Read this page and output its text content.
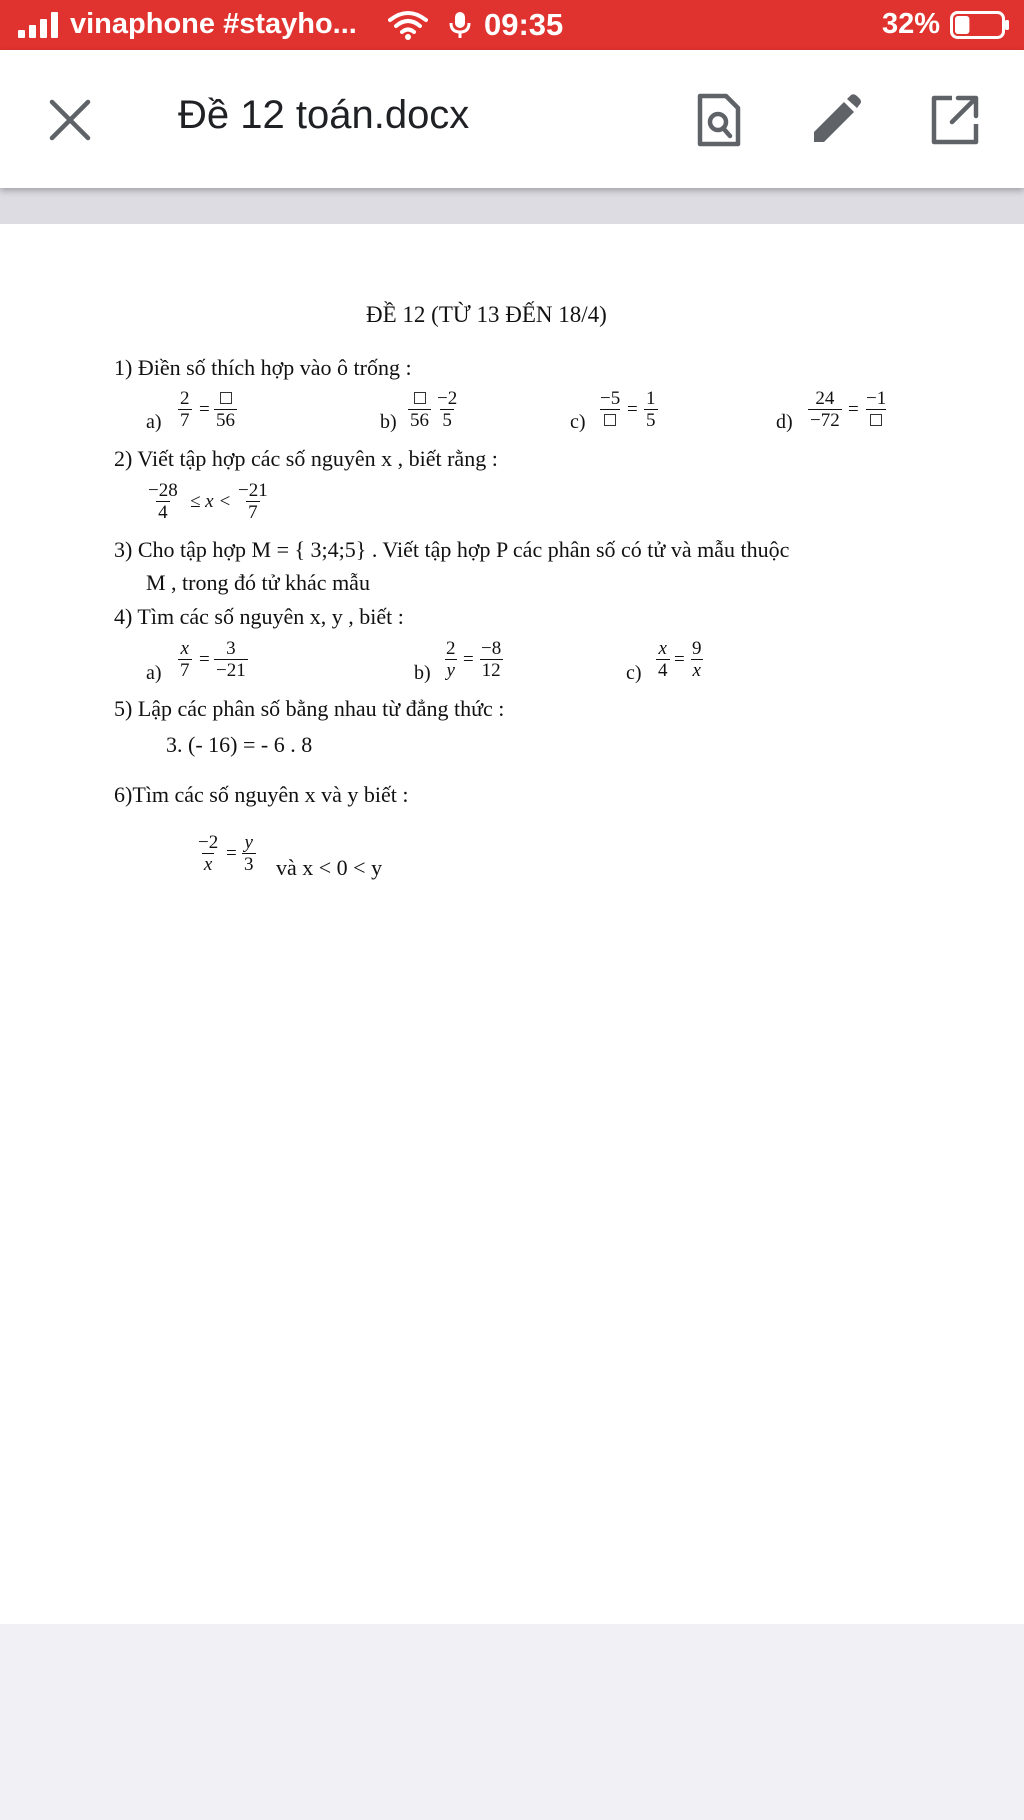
vinaphone #stayho...	09:35	32%
Đề 12 toán.docx
ĐỀ 12 (TỪ 13 ĐẾN 18/4)
1) Điền số thích hợp vào ô trống :
a)
2
7
=
56	b) 56
−2
5	c)
−5
=
1
5	d)
24
−72
=
−1
2) Viết tập hợp các số nguyên x , biết rằng :
−28
4
≤ x <
−21
7
3) Cho tập hợp M = { 3;4;5} . Viết tập hợp P các phân số có tử và mẫu thuộc
M , trong đó tử khác mẫu
4) Tìm các số nguyên x, y , biết :
a)
x
7
=
3
−21	b)
2
y
=
−8
12	c)
x
4
=
9
x
5) Lập các phân số bằng nhau từ đẳng thức :
3. (- 16) = - 6 . 8
6)Tìm các số nguyên x và y biết :
−2
x
=
y
3 và x < 0 < y
